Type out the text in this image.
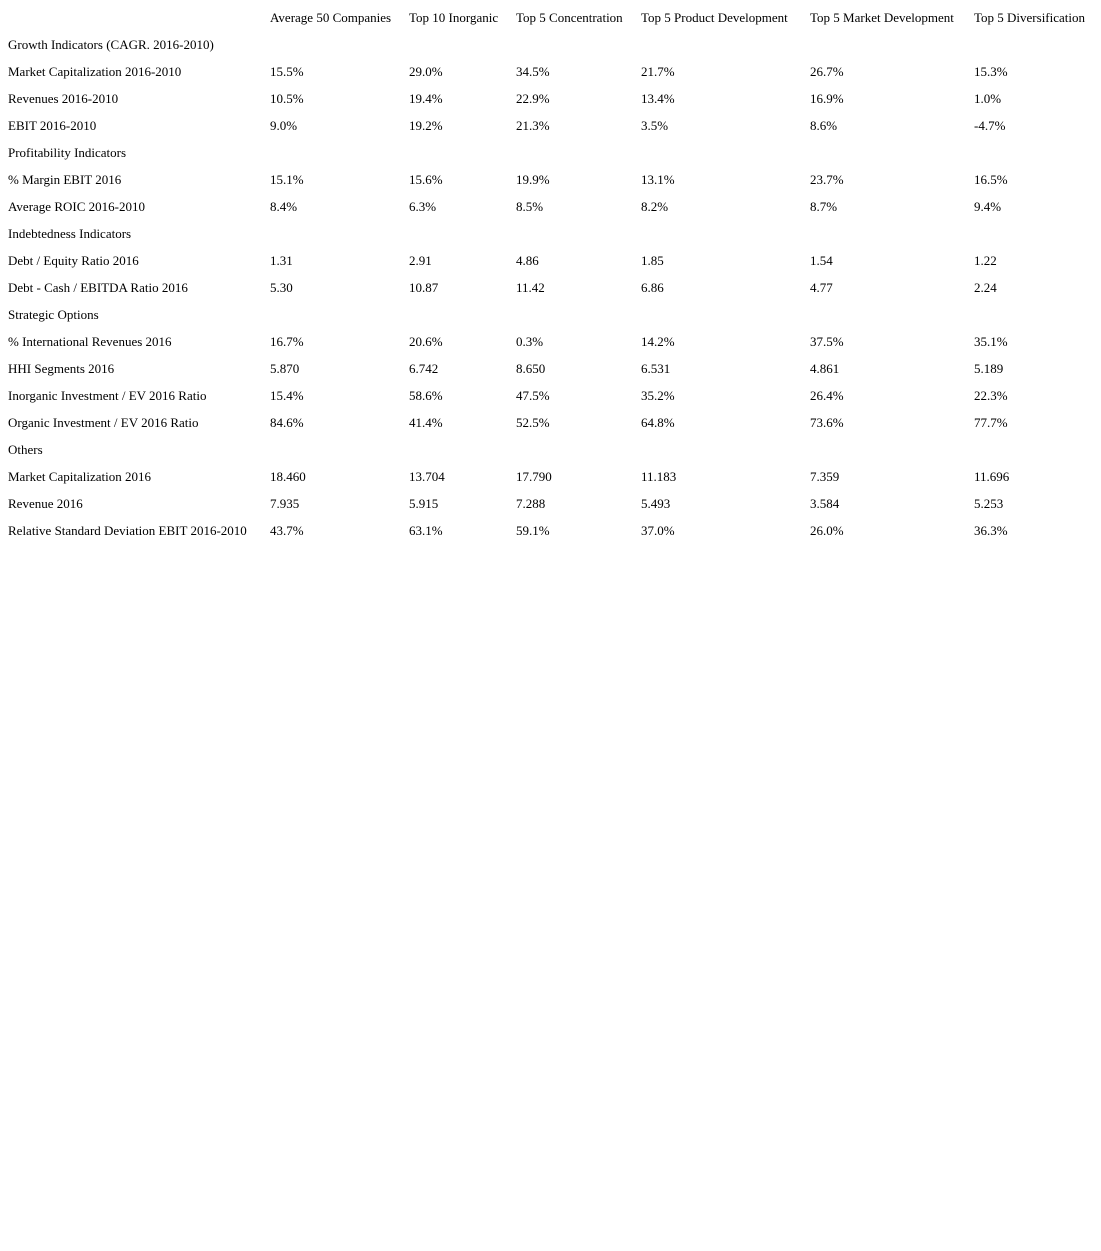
	Average 50 Companies	Top 10 Inorganic	Top 5 Concentration	Top 5 Product Development	Top 5 Market Development	Top 5 Diversification
Growth Indicators (CAGR. 2016-2010)						
Market Capitalization 2016-2010	15.5%	29.0%	34.5%	21.7%	26.7%	15.3%
Revenues 2016-2010	10.5%	19.4%	22.9%	13.4%	16.9%	1.0%
EBIT 2016-2010	9.0%	19.2%	21.3%	3.5%	8.6%	-4.7%
Profitability Indicators						
% Margin EBIT 2016	15.1%	15.6%	19.9%	13.1%	23.7%	16.5%
Average ROIC 2016-2010	8.4%	6.3%	8.5%	8.2%	8.7%	9.4%
Indebtedness Indicators						
Debt / Equity Ratio 2016	1.31	2.91	4.86	1.85	1.54	1.22
Debt - Cash / EBITDA Ratio 2016	5.30	10.87	11.42	6.86	4.77	2.24
Strategic Options						
% International Revenues 2016	16.7%	20.6%	0.3%	14.2%	37.5%	35.1%
HHI Segments 2016	5.870	6.742	8.650	6.531	4.861	5.189
Inorganic Investment / EV 2016 Ratio	15.4%	58.6%	47.5%	35.2%	26.4%	22.3%
Organic Investment / EV 2016 Ratio	84.6%	41.4%	52.5%	64.8%	73.6%	77.7%
Others						
Market Capitalization 2016	18.460	13.704	17.790	11.183	7.359	11.696
Revenue 2016	7.935	5.915	7.288	5.493	3.584	5.253
Relative Standard Deviation EBIT 2016-2010	43.7%	63.1%	59.1%	37.0%	26.0%	36.3%
